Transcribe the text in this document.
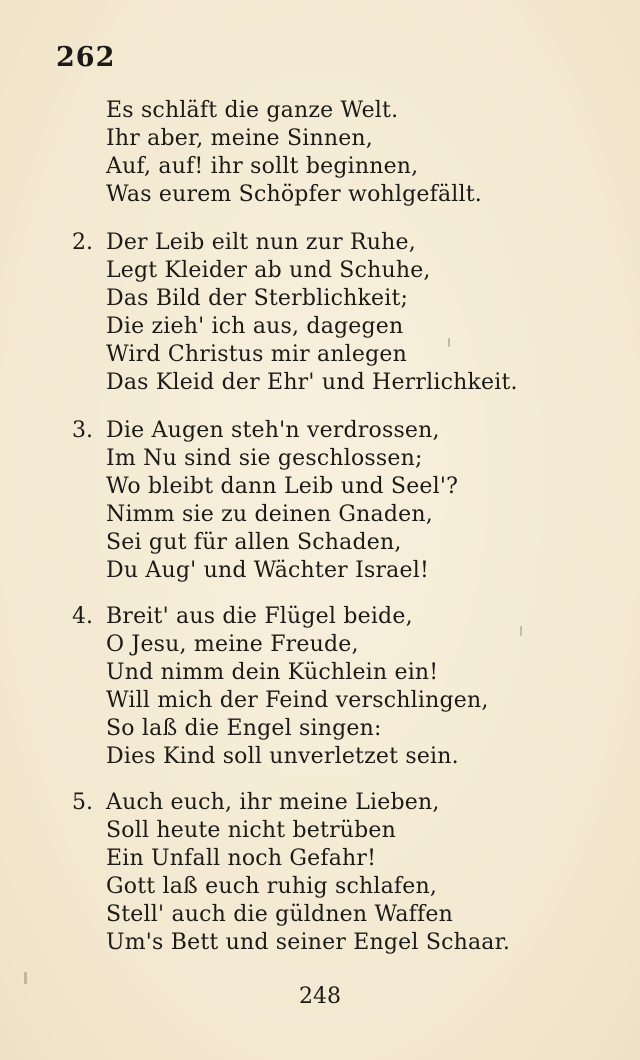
262
Es schläft die ganze Welt.
Ihr aber, meine Sinnen,
Auf, auf! ihr sollt beginnen,
Was eurem Schöpfer wohlgefällt.
2. Der Leib eilt nun zur Ruhe,
Legt Kleider ab und Schuhe,
Das Bild der Sterblichkeit;
Die zieh' ich aus, dagegen
Wird Christus mir anlegen
Das Kleid der Ehr' und Herrlichkeit.
3. Die Augen steh'n verdrossen,
Im Nu sind sie geschlossen;
Wo bleibt dann Leib und Seel'?
Nimm sie zu deinen Gnaden,
Sei gut für allen Schaden,
Du Aug' und Wächter Israel!
4. Breit' aus die Flügel beide,
O Jesu, meine Freude,
Und nimm dein Küchlein ein!
Will mich der Feind verschlingen,
So laß die Engel singen:
Dies Kind soll unverletzet sein.
5. Auch euch, ihr meine Lieben,
Soll heute nicht betrüben
Ein Unfall noch Gefahr!
Gott laß euch ruhig schlafen,
Stell' auch die güldnen Waffen
Um's Bett und seiner Engel Schaar.
248
